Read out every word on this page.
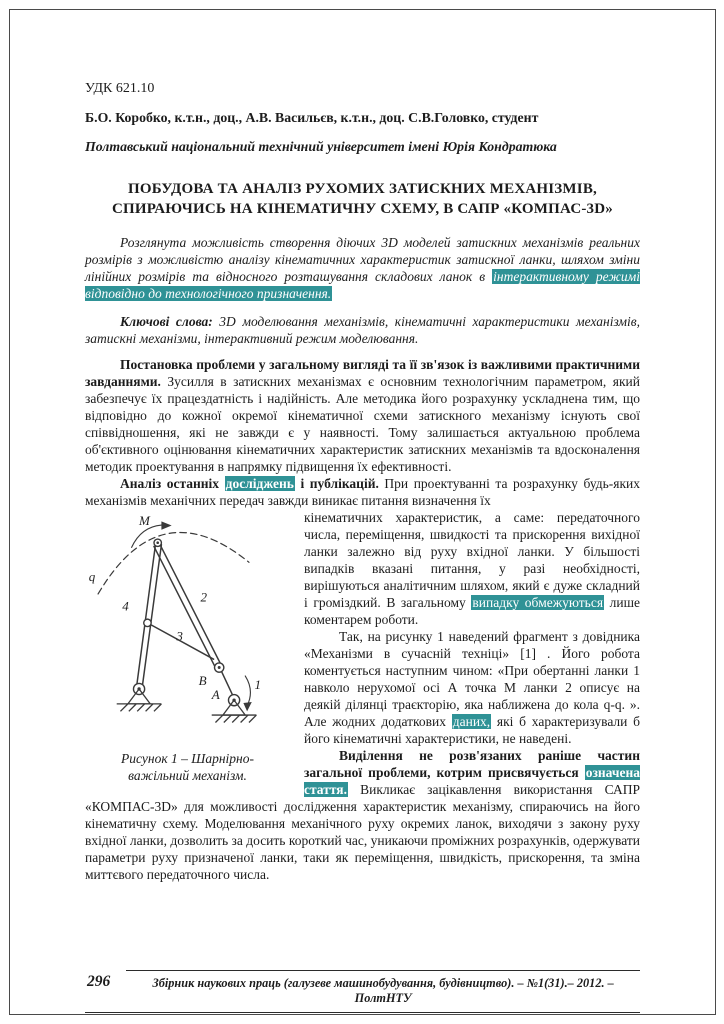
УДК 621.10

Б.О. Коробко, к.т.н., доц., А.В. Васильєв, к.т.н., доц. С.В.Головко, студент

Полтавський національний технічний університет імені Юрія Кондратюка

ПОБУДОВА ТА АНАЛІЗ РУХОМИХ ЗАТИСКНИХ МЕХАНІЗМІВ,
СПИРАЮЧИСЬ НА КІНЕМАТИЧНУ СХЕМУ, В САПР «КОМПАС-3D»

Розглянута можливість створення діючих 3D моделей затискних механізмів реальних розмірів з можливістю аналізу кінематичних характеристик затискної ланки, шляхом зміни лінійних розмірів та відносного розташування складових ланок в інтерактивному режимі відповідно до технологічного призначення.

Ключові слова: 3D моделювання механізмів, кінематичні характеристики механізмів, затискні механізми, інтерактивний режим моделювання.

Постановка проблеми у загальному вигляді та її зв'язок із важливими практичними завданнями. Зусилля в затискних механізмах є основним технологічним параметром, який забезпечує їх працездатність і надійність. Але методика його розрахунку ускладнена тим, що відповідно до кожної окремої кінематичної схеми затискного механізму існують свої співвідношення, які не завжди є у наявності. Тому залишається актуальною проблема об'єктивного оцінювання кінематичних характеристик затискних механізмів та вдосконалення методик проектування в напрямку підвищення їх ефективності.

Аналіз останніх досліджень і публікацій. При проектуванні та розрахунку будь-яких механізмів механічних передач завжди виникає питання визначення їх

M
q
4
3
2
B
A
1
Рисунок 1 – Шарнірно-
важільний механізм.

кінематичних характеристик, а саме: передаточного числа, переміщення, швидкості та прискорення вихідної ланки залежно від руху вхідної ланки. У більшості випадків вказані питання, у разі необхідності, вирішуються аналітичним шляхом, який є дуже складний і громіздкий. В загальному випадку обмежуються лише коментарем роботи.

Так, на рисунку 1 наведений фрагмент з довідника «Механізми в сучасній техніці» [1] . Його робота коментується наступним чином: «При обертанні ланки 1 навколо нерухомої осі А точка М ланки 2 описує на деякій ділянці траєкторію, яка наближена до кола q-q. ». Але жодних додаткових даних, які б характеризували б його кінематичні характеристики, не наведені.

Виділення не розв'язаних раніше частин загальної проблеми, котрим присвячується означена стаття. Викликає зацікавлення використання САПР «КОМПАС-3D» для можливості дослідження характеристик механізму, спираючись на його кінематичну схему. Моделювання механічного руху окремих ланок, виходячи з закону руху вхідної ланки, дозволить за досить короткий час, уникаючи проміжних розрахунків, одержувати параметри руху призначеної ланки, таки як переміщення, швидкість, прискорення, та зміна миттєвого передаточного числа.

296	Збірник наукових праць (галузеве машинобудування, будівництво). – №1(31).– 2012. – ПолтНТУ
